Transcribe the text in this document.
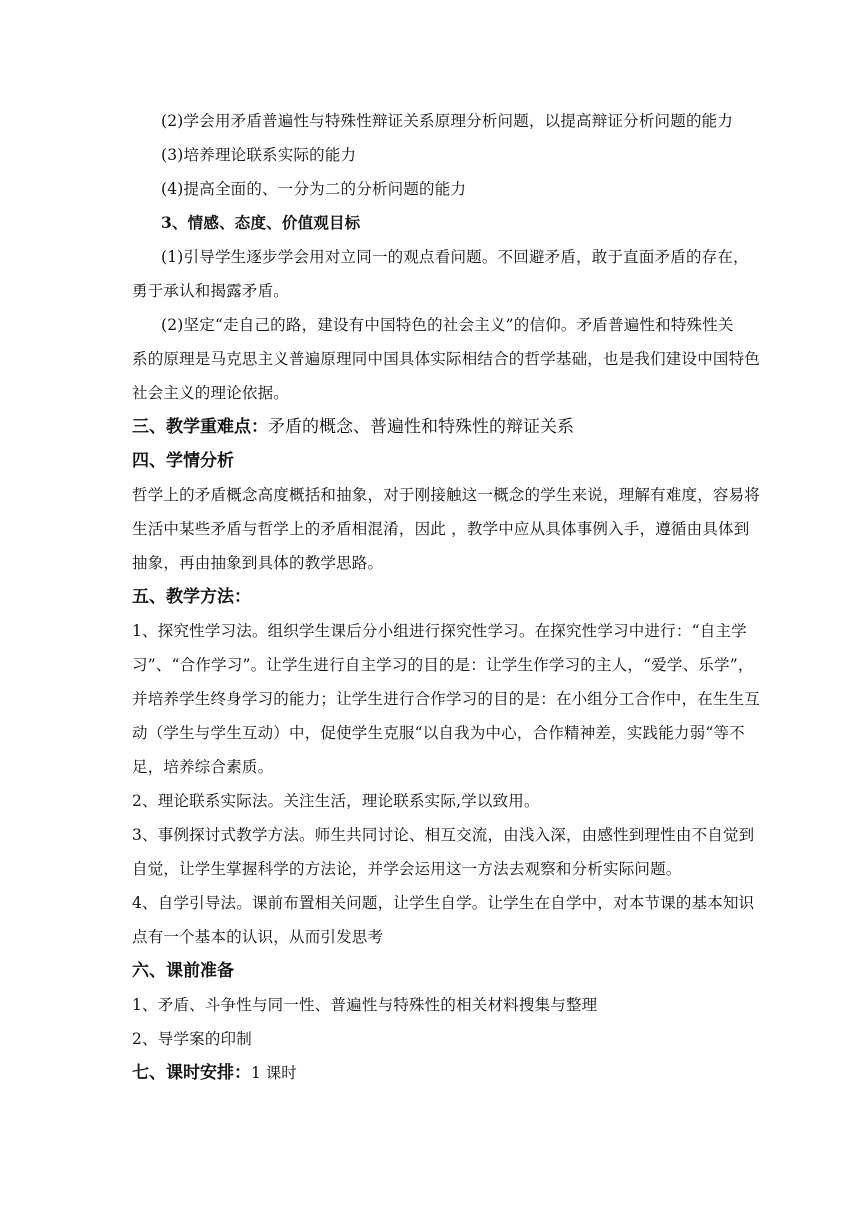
(2)学会用矛盾普遍性与特殊性辩证关系原理分析问题，以提高辩证分析问题的能力
(3)培养理论联系实际的能力
(4)提高全面的、一分为二的分析问题的能力
3、情感、态度、价值观目标
(1)引导学生逐步学会用对立同一的观点看问题。不回避矛盾，敢于直面矛盾的存在，
勇于承认和揭露矛盾。
(2)坚定“走自己的路，建设有中国特色的社会主义”的信仰。矛盾普遍性和特殊性关
系的原理是马克思主义普遍原理同中国具体实际相结合的哲学基础，也是我们建设中国特色
社会主义的理论依据。
三、教学重难点：矛盾的概念、普遍性和特殊性的辩证关系
四、学情分析
哲学上的矛盾概念高度概括和抽象，对于刚接触这一概念的学生来说，理解有难度，容易将
生活中某些矛盾与哲学上的矛盾相混淆，因此 ，教学中应从具体事例入手，遵循由具体到
抽象，再由抽象到具体的教学思路。
五、教学方法：
1、探究性学习法。组织学生课后分小组进行探究性学习。在探究性学习中进行：“自主学
习”、“合作学习”。让学生进行自主学习的目的是：让学生作学习的主人，“爱学、乐学”，
并培养学生终身学习的能力；让学生进行合作学习的目的是：在小组分工合作中，在生生互
动（学生与学生互动）中，促使学生克服“以自我为中心，合作精神差，实践能力弱“等不
足，培养综合素质。
2、理论联系实际法。关注生活，理论联系实际,学以致用。
3、事例探讨式教学方法。师生共同讨论、相互交流，由浅入深，由感性到理性由不自觉到
自觉，让学生掌握科学的方法论，并学会运用这一方法去观察和分析实际问题。
4、自学引导法。课前布置相关问题，让学生自学。让学生在自学中，对本节课的基本知识
点有一个基本的认识，从而引发思考
六、课前准备
1、矛盾、斗争性与同一性、普遍性与特殊性的相关材料搜集与整理
2、导学案的印制
七、课时安排：1 课时
